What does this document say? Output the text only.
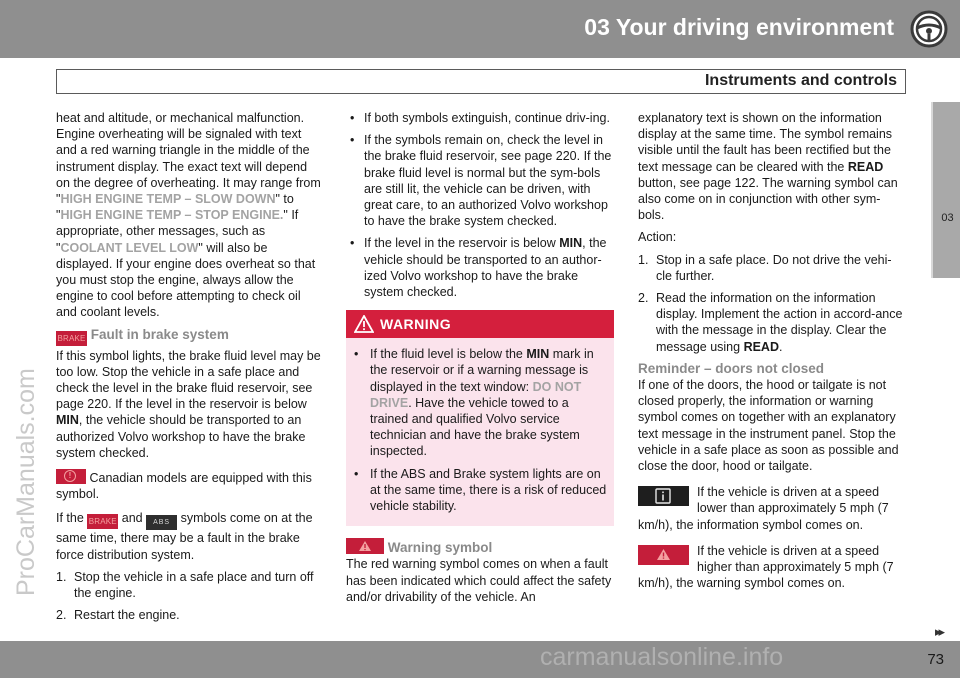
03 Your driving environment
Instruments and controls
03
ProCarManuals.com

heat and altitude, or mechanical malfunction. Engine overheating will be signaled with text and a red warning triangle in the middle of the instrument display. The exact text will depend on the degree of overheating. It may range from "HIGH ENGINE TEMP – SLOW DOWN" to "HIGH ENGINE TEMP – STOP ENGINE." If appropriate, other messages, such as "COOLANT LEVEL LOW" will also be displayed. If your engine does overheat so that you must stop the engine, always allow the engine to cool before attempting to check oil and coolant levels.

BRAKE Fault in brake system

If this symbol lights, the brake fluid level may be too low. Stop the vehicle in a safe place and check the level in the brake fluid reservoir, see page 220. If the level in the reservoir is below MIN, the vehicle should be transported to an authorized Volvo workshop to have the brake system checked.

! Canadian models are equipped with this symbol.

If the BRAKE and ABS symbols come on at the same time, there may be a fault in the brake force distribution system.

1. Stop the vehicle in a safe place and turn off the engine.
2. Restart the engine.
• If both symbols extinguish, continue driv-ing.
• If the symbols remain on, check the level in the brake fluid reservoir, see page 220. If the brake fluid level is normal but the sym-bols are still lit, the vehicle can be driven, with great care, to an authorized Volvo workshop to have the brake system checked.
• If the level in the reservoir is below MIN, the vehicle should be transported to an author-ized Volvo workshop to have the brake system checked.
WARNING
• If the fluid level is below the MIN mark in the reservoir or if a warning message is displayed in the text window: DO NOT DRIVE. Have the vehicle towed to a trained and qualified Volvo service technician and have the brake system inspected.
• If the ABS and Brake system lights are on at the same time, there is a risk of reduced vehicle stability.
Warning symbol

The red warning symbol comes on when a fault has been indicated which could affect the safety and/or drivability of the vehicle. An

explanatory text is shown on the information display at the same time. The symbol remains visible until the fault has been rectified but the text message can be cleared with the READ button, see page 122. The warning symbol can also come on in conjunction with other sym-bols.

Action:

1. Stop in a safe place. Do not drive the vehi-cle further.
2. Read the information on the information display. Implement the action in accord-ance with the message in the display. Clear the message using READ.
Reminder – doors not closed

If one of the doors, the hood or tailgate is not closed properly, the information or warning symbol comes on together with an explanatory text message in the instrument panel. Stop the vehicle in a safe place as soon as possible and close the door, hood or tailgate.

If the vehicle is driven at a speed lower than approximately 5 mph (7 km/h), the information symbol comes on.

If the vehicle is driven at a speed higher than approximately 5 mph (7 km/h), the warning symbol comes on.

▸▸
carmanualsonline.info	73
